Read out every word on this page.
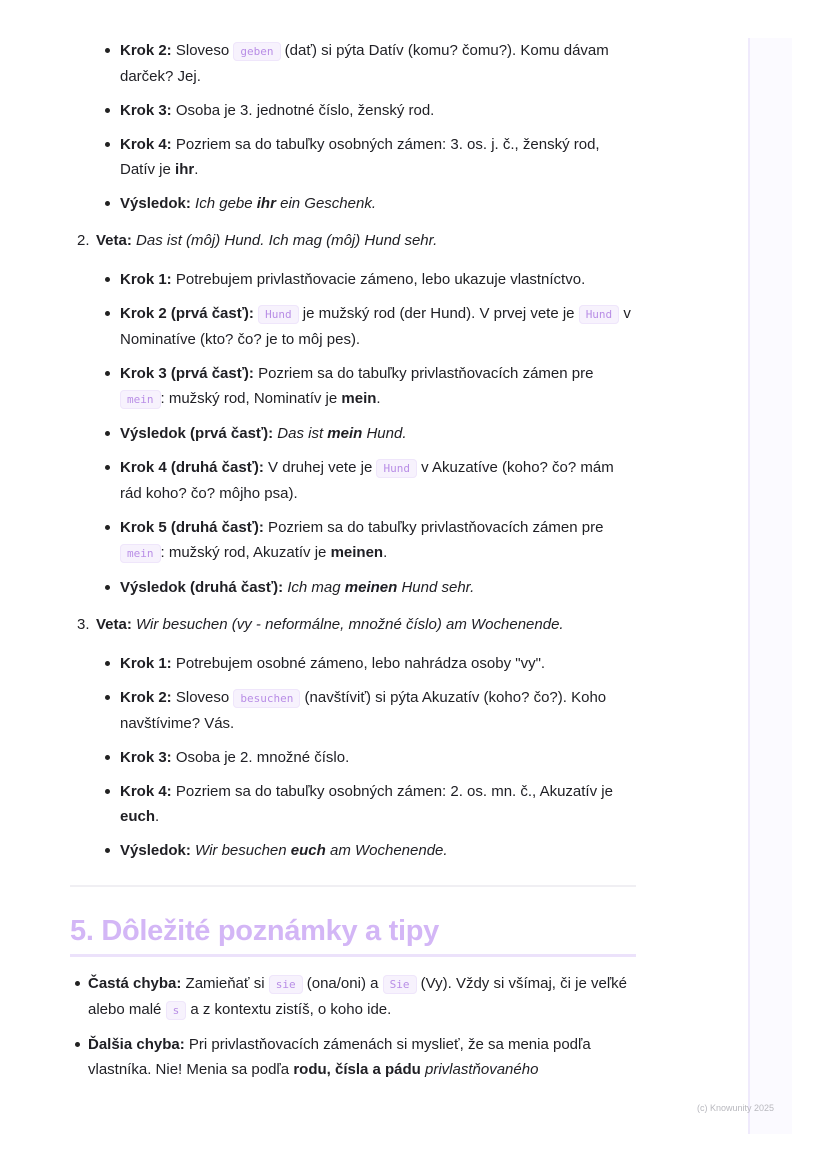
Krok 2: Sloveso geben (dať) si pýta Datív (komu? čomu?). Komu dávam darček? Jej.
Krok 3: Osoba je 3. jednotné číslo, ženský rod.
Krok 4: Pozriem sa do tabuľky osobných zámen: 3. os. j. č., ženský rod, Datív je ihr.
Výsledok: Ich gebe ihr ein Geschenk.
2. Veta: Das ist (môj) Hund. Ich mag (môj) Hund sehr.
Krok 1: Potrebujem privlastňovacie zámeno, lebo ukazuje vlastníctvo.
Krok 2 (prvá časť): Hund je mužský rod (der Hund). V prvej vete je Hund v Nominatíve (kto? čo? je to môj pes).
Krok 3 (prvá časť): Pozriem sa do tabuľky privlastňovacích zámen pre mein : mužský rod, Nominatív je mein.
Výsledok (prvá časť): Das ist mein Hund.
Krok 4 (druhá časť): V druhej vete je Hund v Akuzatíve (koho? čo? mám rád koho? čo? môjho psa).
Krok 5 (druhá časť): Pozriem sa do tabuľky privlastňovacích zámen pre mein : mužský rod, Akuzatív je meinen.
Výsledok (druhá časť): Ich mag meinen Hund sehr.
3. Veta: Wir besuchen (vy - neformálne, množné číslo) am Wochenende.
Krok 1: Potrebujem osobné zámeno, lebo nahrádza osoby "vy".
Krok 2: Sloveso besuchen (navštíviť) si pýta Akuzatív (koho? čo?). Koho navštívime? Vás.
Krok 3: Osoba je 2. množné číslo.
Krok 4: Pozriem sa do tabuľky osobných zámen: 2. os. mn. č., Akuzatív je euch.
Výsledok: Wir besuchen euch am Wochenende.
5. Dôležité poznámky a tipy
Častá chyba: Zamieňať si sie (ona/oni) a Sie (Vy). Vždy si všímaj, či je veľké alebo malé s a z kontextu zistíš, o koho ide.
Ďalšia chyba: Pri privlastňovacích zámenách si myslieť, že sa menia podľa vlastníka. Nie! Menia sa podľa rodu, čísla a pádu privlastňovaného
(c) Knowunity 2025
